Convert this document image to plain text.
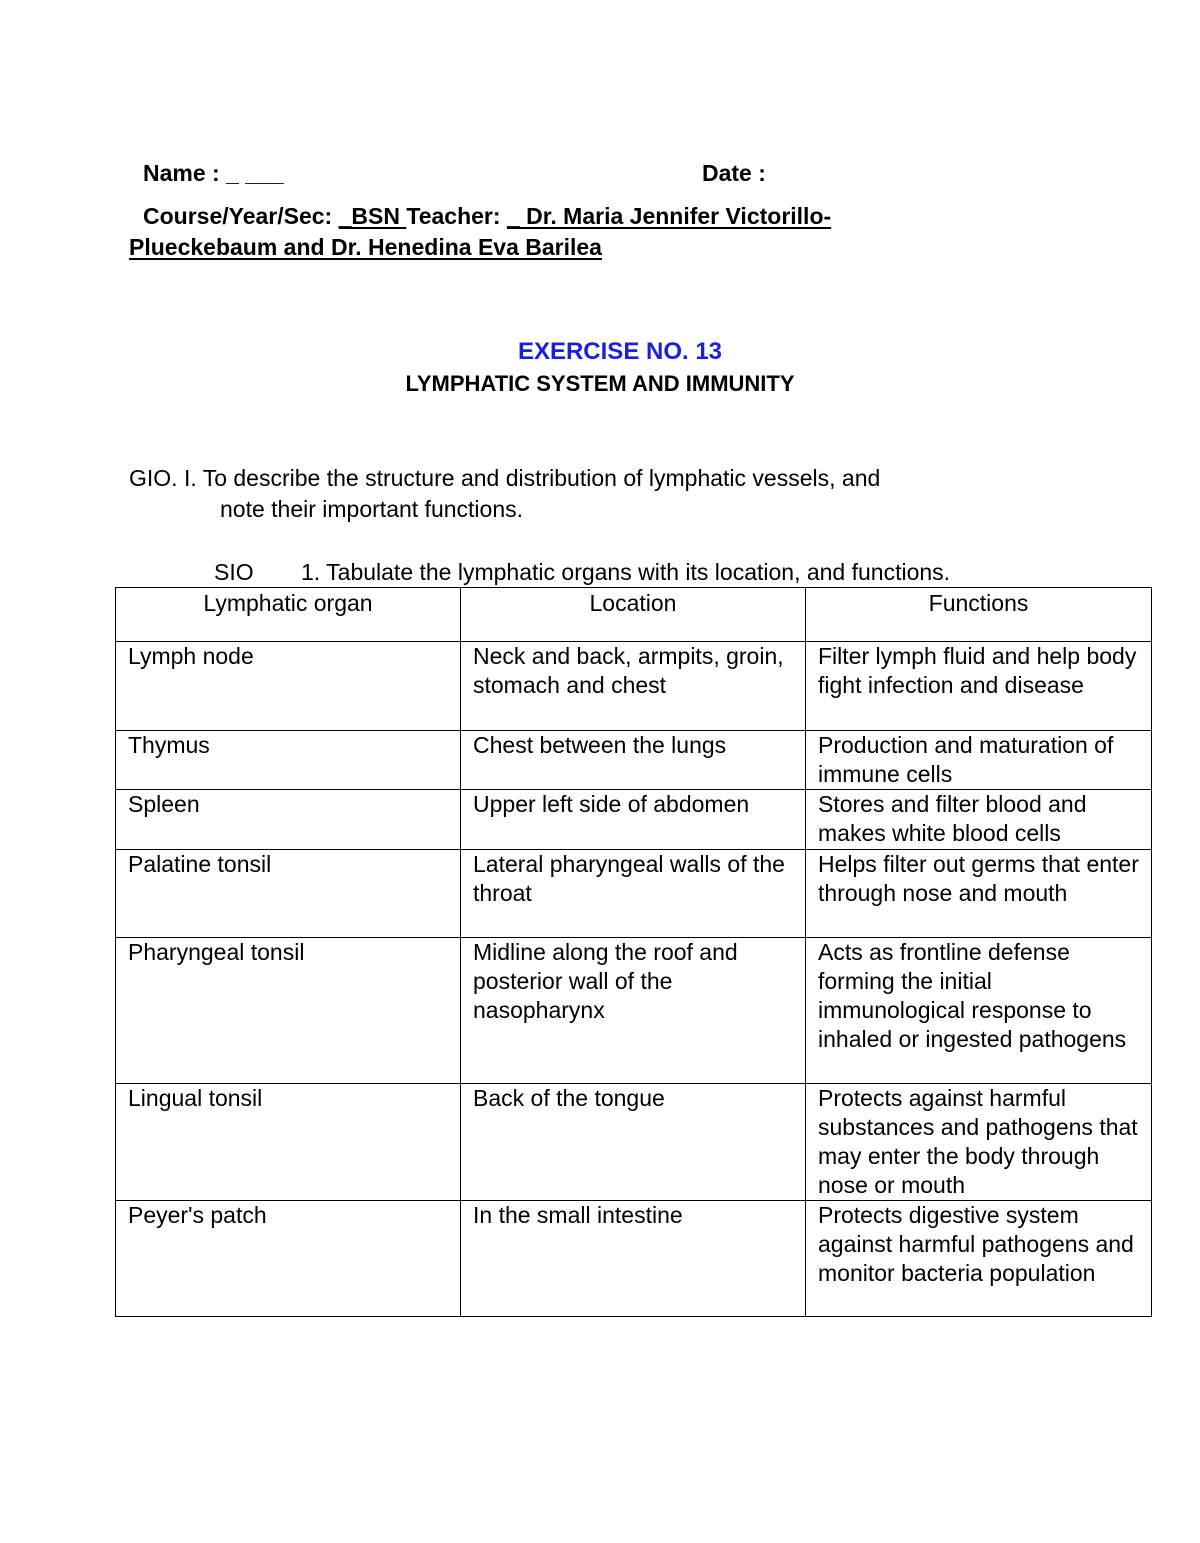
Name : _ ___	Date :
Course/Year/Sec: _BSN Teacher: _ Dr. Maria Jennifer Victorillo-
Plueckebaum and Dr. Henedina Eva Barilea
EXERCISE NO. 13
LYMPHATIC SYSTEM AND IMMUNITY
GIO. I. To describe the structure and distribution of lymphatic vessels, and
note their important functions.
SIO 1. Tabulate the lymphatic organs with its location, and functions.
Lymphatic organ	Location	Functions
Lymph node	Neck and back, armpits, groin, stomach and chest	Filter lymph fluid and help body fight infection and disease
Thymus	Chest between the lungs	Production and maturation of immune cells
Spleen	Upper left side of abdomen	Stores and filter blood and makes white blood cells
Palatine tonsil	Lateral pharyngeal walls of the throat	Helps filter out germs that enter through nose and mouth
Pharyngeal tonsil	Midline along the roof and posterior wall of the nasopharynx	Acts as frontline defense forming the initial immunological response to inhaled or ingested pathogens
Lingual tonsil	Back of the tongue	Protects against harmful substances and pathogens that may enter the body through nose or mouth
Peyer's patch	In the small intestine	Protects digestive system against harmful pathogens and monitor bacteria population
